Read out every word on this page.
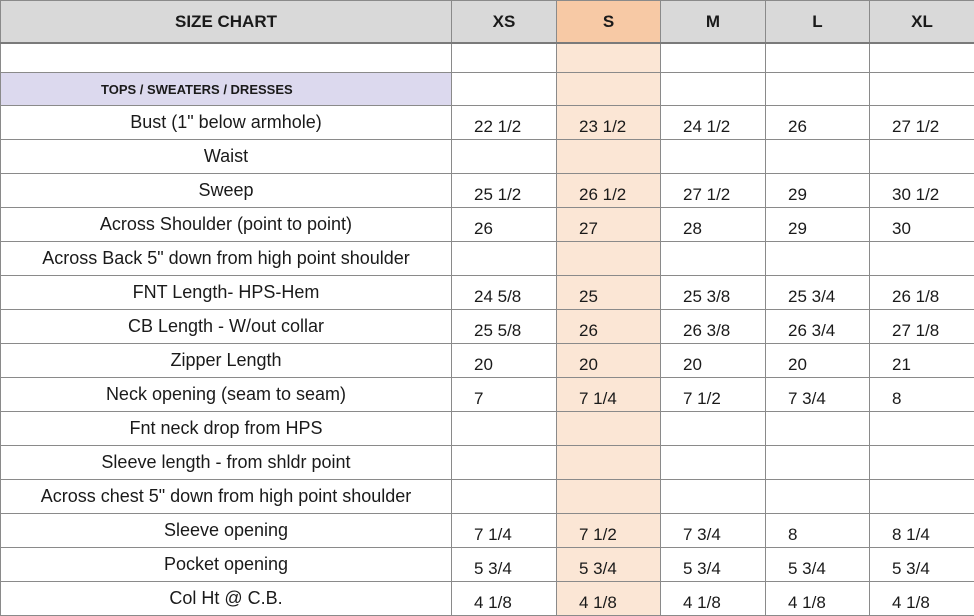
SIZE CHART	XS	S	M	L	XL

TOPS / SWEATERS / DRESSES					
Bust (1" below armhole)	22 1/2	23 1/2	24 1/2	26	27 1/2
Waist					
Sweep	25 1/2	26 1/2	27 1/2	29	30 1/2
Across Shoulder (point to point)	26	27	28	29	30
Across Back 5" down from high point shoulder					
FNT Length- HPS-Hem	24 5/8	25	25 3/8	25 3/4	26 1/8
CB Length - W/out collar	25 5/8	26	26 3/8	26 3/4	27 1/8
Zipper Length	20	20	20	20	21
Neck opening (seam to seam)	7	7 1/4	7 1/2	7 3/4	8
Fnt neck drop from HPS					
Sleeve length - from shldr point					
Across chest 5" down from high point shoulder					
Sleeve opening	7 1/4	7 1/2	7 3/4	8	8 1/4
Pocket opening	5 3/4	5 3/4	5 3/4	5 3/4	5 3/4
Col Ht @ C.B.	4 1/8	4 1/8	4 1/8	4 1/8	4 1/8
